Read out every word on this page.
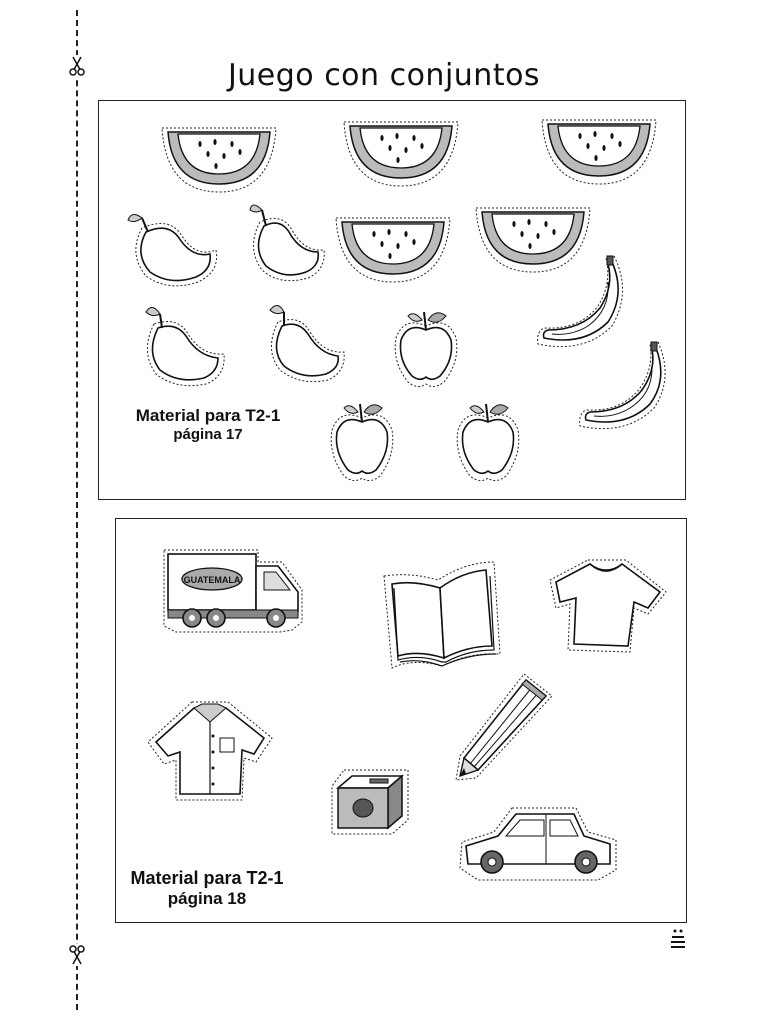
Juego con conjuntos
Material para T2-1
página 17
GUATEMALA
Material para T2-1
página 18
